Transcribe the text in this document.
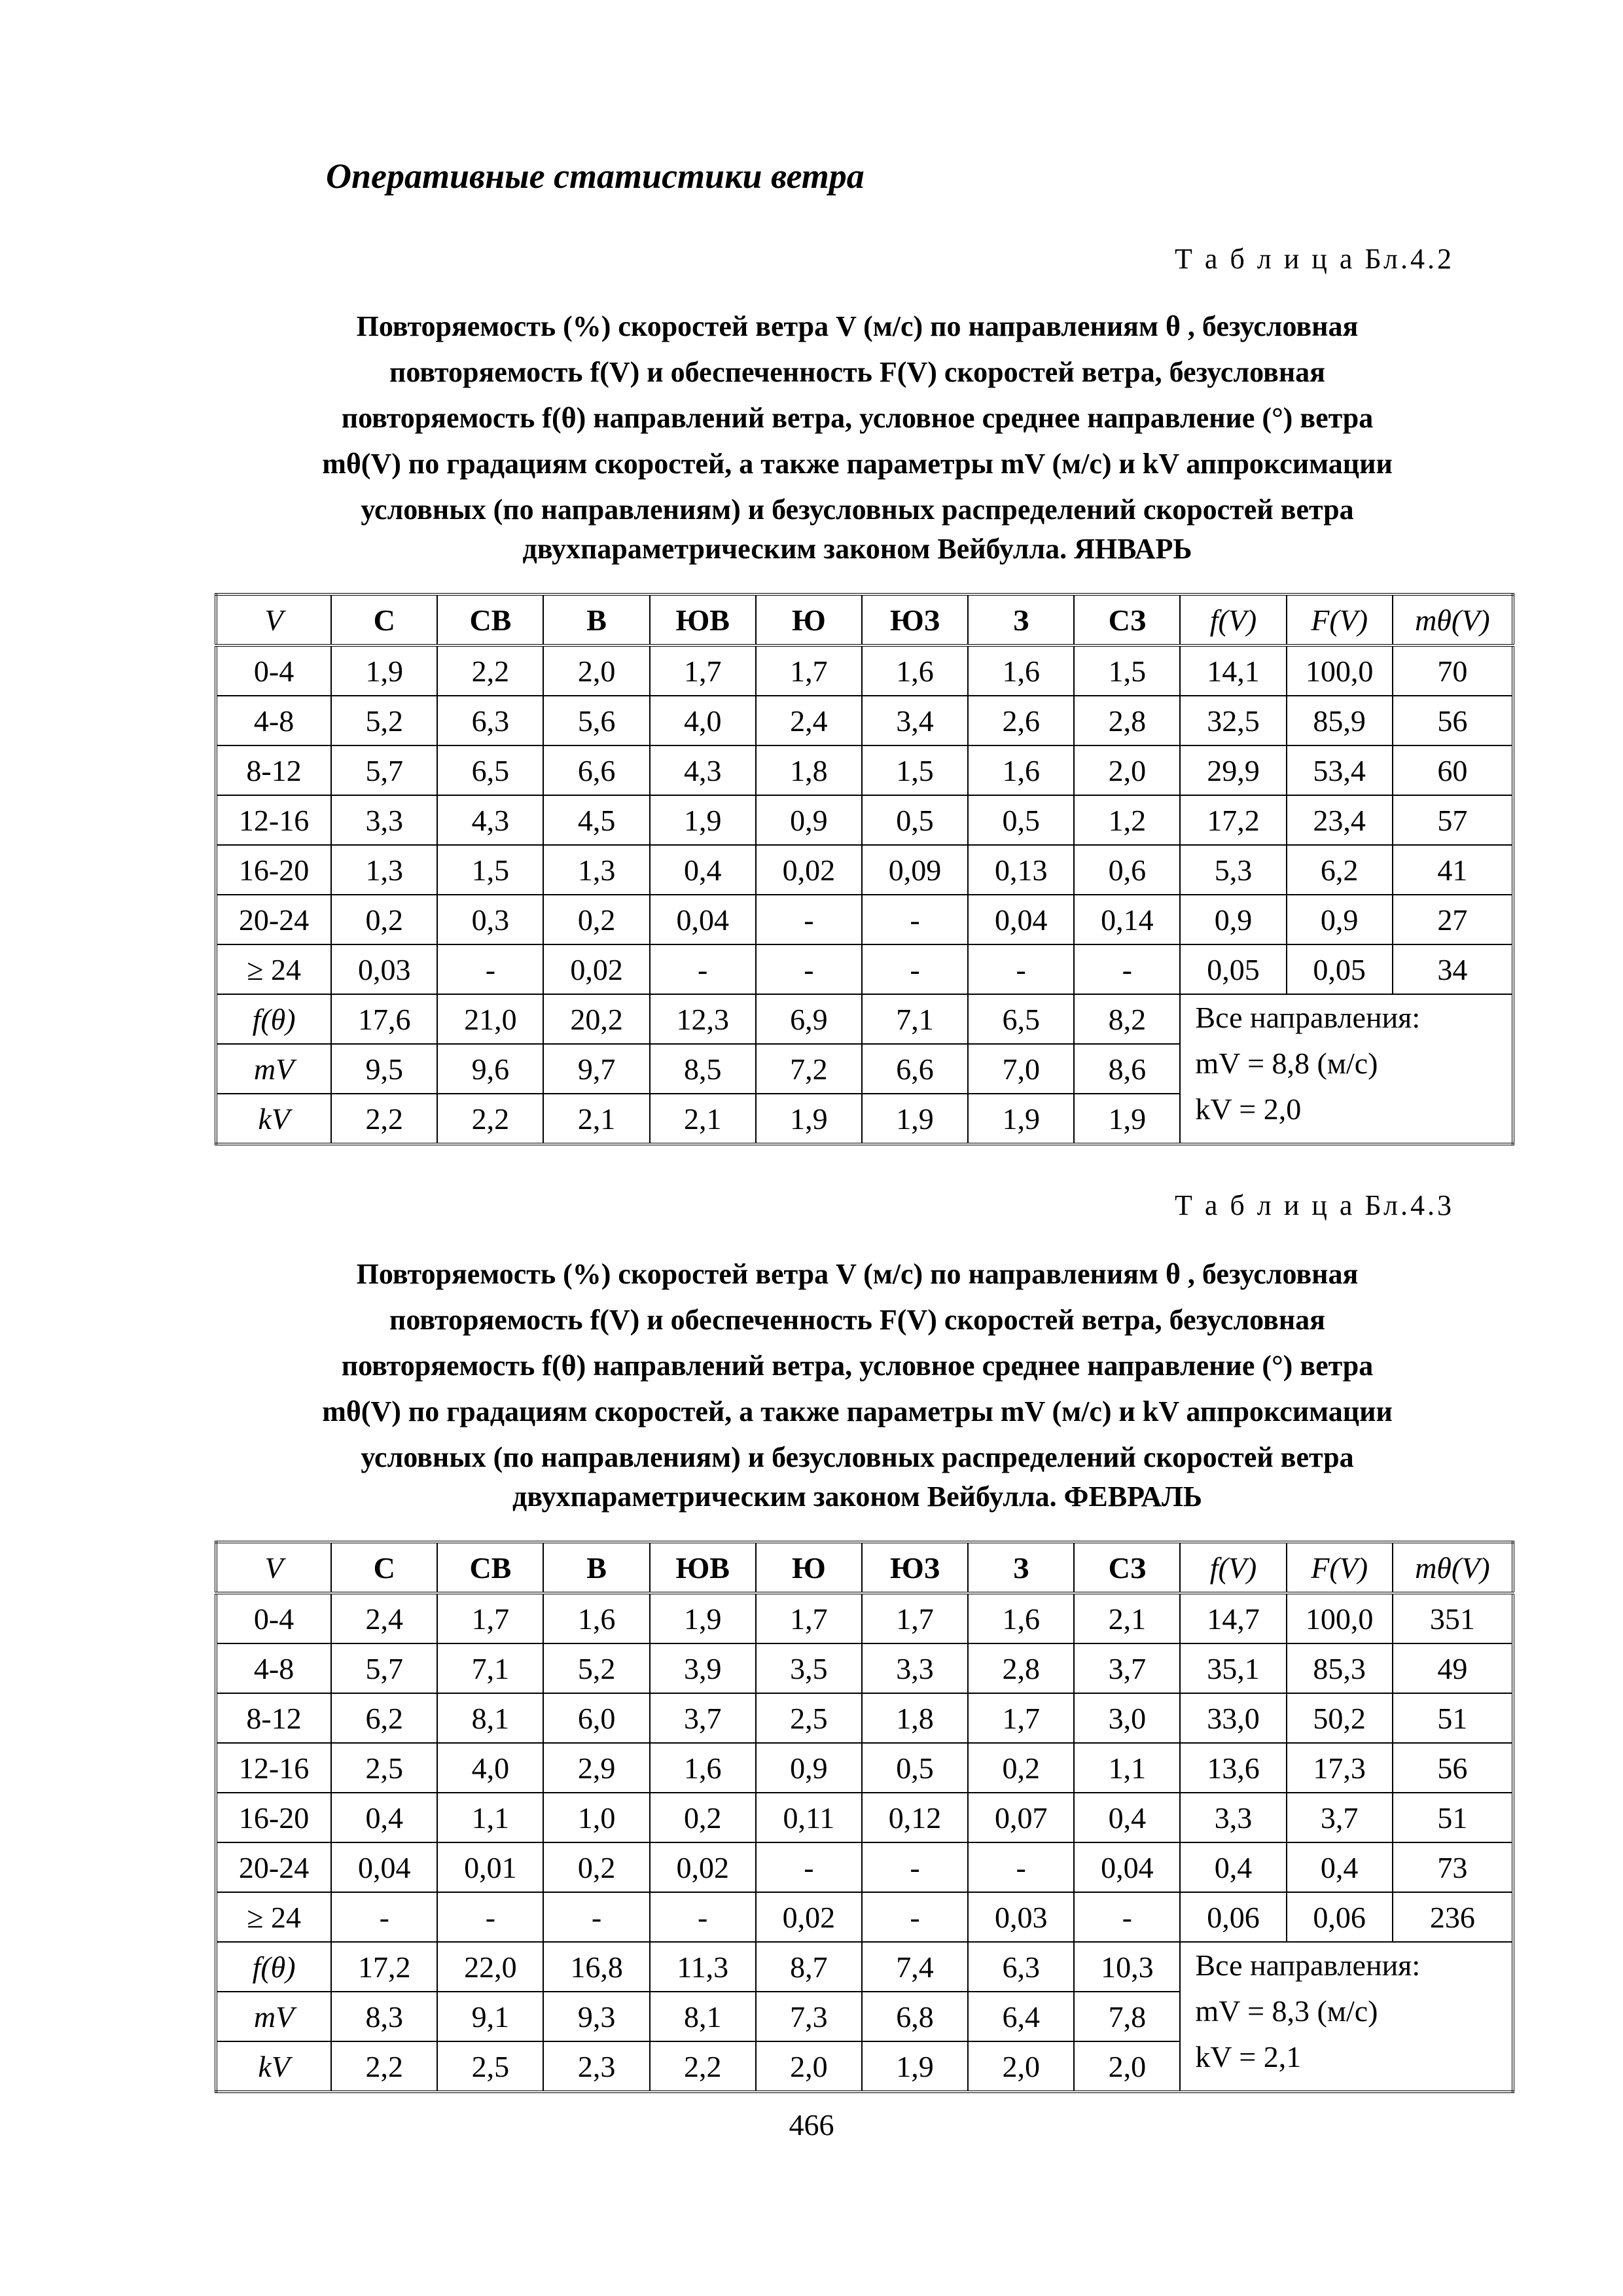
Оперативные статистики ветра

Т а б л и ц а Бл.4.2

Повторяемость (%) скоростей ветра V (м/с) по направлениям θ , безусловная
повторяемость f(V) и обеспеченность F(V) скоростей ветра, безусловная
повторяемость f(θ) направлений ветра, условное среднее направление (°) ветра
mθ(V) по градациям скоростей, а также параметры mV (м/с) и kV аппроксимации
условных (по направлениям) и безусловных распределений скоростей ветра
двухпараметрическим законом Вейбулла. ЯНВАРЬ
V	С	СВ	В	ЮВ	Ю	ЮЗ	З	СЗ	f(V)	F(V)	mθ(V)
0-4	1,9	2,2	2,0	1,7	1,7	1,6	1,6	1,5	14,1	100,0	70
4-8	5,2	6,3	5,6	4,0	2,4	3,4	2,6	2,8	32,5	85,9	56
8-12	5,7	6,5	6,6	4,3	1,8	1,5	1,6	2,0	29,9	53,4	60
12-16	3,3	4,3	4,5	1,9	0,9	0,5	0,5	1,2	17,2	23,4	57
16-20	1,3	1,5	1,3	0,4	0,02	0,09	0,13	0,6	5,3	6,2	41
20-24	0,2	0,3	0,2	0,04	-	-	0,04	0,14	0,9	0,9	27
≥ 24	0,03	-	0,02	-	-	-	-	-	0,05	0,05	34
f(θ)	17,6	21,0	20,2	12,3	6,9	7,1	6,5	8,2	Все направления:
mV = 8,8 (м/с)
kV = 2,0		

mV	9,5	9,6	9,7	8,5	7,2	6,6	7,0	8,6			
kV	2,2	2,2	2,1	2,1	1,9	1,9	1,9	1,9			

Т а б л и ц а Бл.4.3

Повторяемость (%) скоростей ветра V (м/с) по направлениям θ , безусловная
повторяемость f(V) и обеспеченность F(V) скоростей ветра, безусловная
повторяемость f(θ) направлений ветра, условное среднее направление (°) ветра
mθ(V) по градациям скоростей, а также параметры mV (м/с) и kV аппроксимации
условных (по направлениям) и безусловных распределений скоростей ветра
двухпараметрическим законом Вейбулла. ФЕВРАЛЬ
V	С	СВ	В	ЮВ	Ю	ЮЗ	З	СЗ	f(V)	F(V)	mθ(V)
0-4	2,4	1,7	1,6	1,9	1,7	1,7	1,6	2,1	14,7	100,0	351
4-8	5,7	7,1	5,2	3,9	3,5	3,3	2,8	3,7	35,1	85,3	49
8-12	6,2	8,1	6,0	3,7	2,5	1,8	1,7	3,0	33,0	50,2	51
12-16	2,5	4,0	2,9	1,6	0,9	0,5	0,2	1,1	13,6	17,3	56
16-20	0,4	1,1	1,0	0,2	0,11	0,12	0,07	0,4	3,3	3,7	51
20-24	0,04	0,01	0,2	0,02	-	-	-	0,04	0,4	0,4	73
≥ 24	-	-	-	-	0,02	-	0,03	-	0,06	0,06	236
f(θ)	17,2	22,0	16,8	11,3	8,7	7,4	6,3	10,3	Все направления:
mV = 8,3 (м/с)
kV = 2,1		

mV	8,3	9,1	9,3	8,1	7,3	6,8	6,4	7,8			
kV	2,2	2,5	2,3	2,2	2,0	1,9	2,0	2,0			

466
